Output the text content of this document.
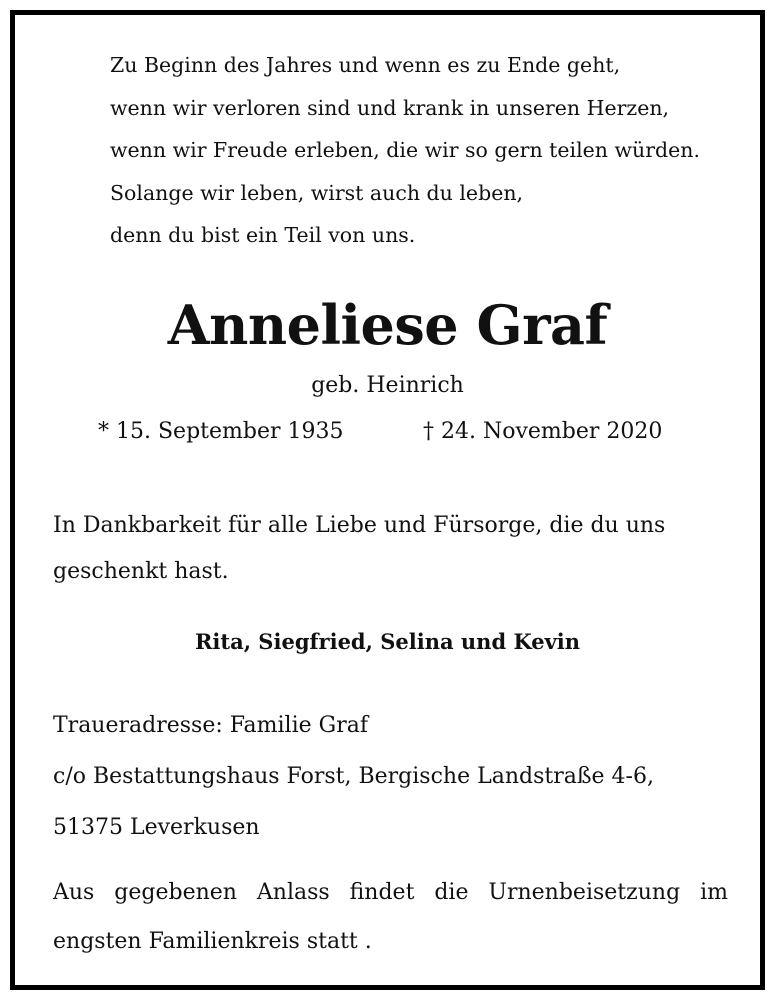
Zu Beginn des Jahres und wenn es zu Ende geht,
wenn wir verloren sind und krank in unseren Herzen,
wenn wir Freude erleben, die wir so gern teilen würden.
Solange wir leben, wirst auch du leben,
denn du bist ein Teil von uns.
Anneliese Graf
geb. Heinrich
* 15. September 1935	† 24. November 2020
In Dankbarkeit für alle Liebe und Fürsorge, die du uns geschenkt hast.
Rita, Siegfried, Selina und Kevin
Traueradresse: Familie Graf
c/o Bestattungshaus Forst, Bergische Landstraße 4-6,
51375 Leverkusen
Aus gegebenen Anlass findet die Urnenbeisetzung im engsten Familienkreis statt .
